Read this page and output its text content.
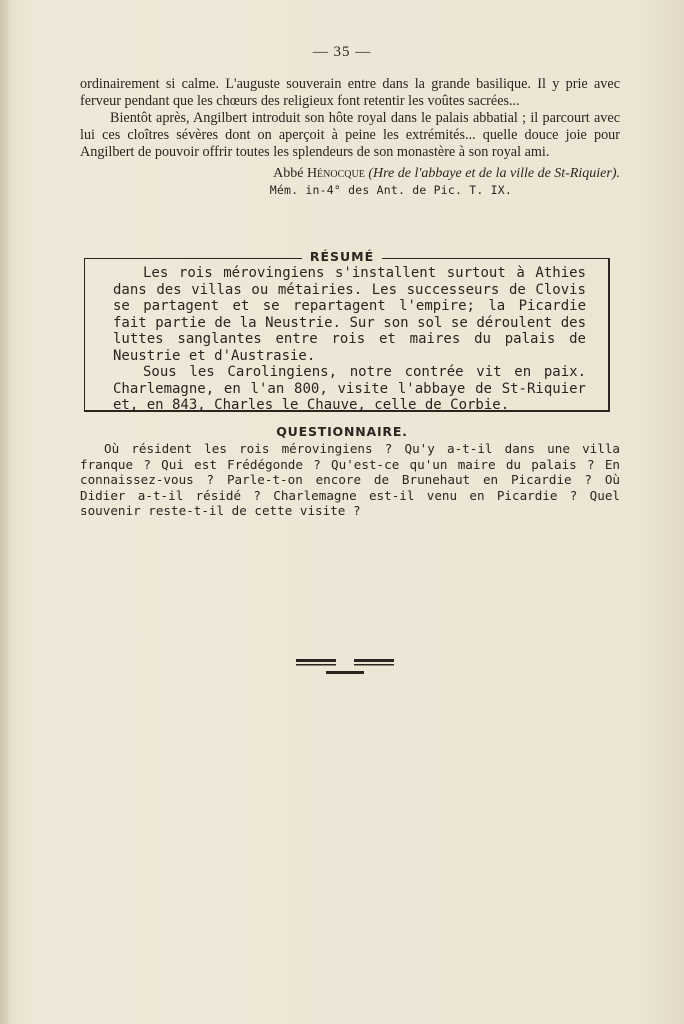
— 35 —

ordinairement si calme. L'auguste souverain entre dans la grande basilique. Il y prie avec ferveur pendant que les chœurs des religieux font retentir les voûtes sacrées...

Bientôt après, Angilbert introduit son hôte royal dans le palais abbatial ; il parcourt avec lui ces cloîtres sévères dont on aperçoit à peine les extrémités... quelle douce joie pour Angilbert de pouvoir offrir toutes les splendeurs de son monastère à son royal ami.

Abbé Hénocque (Hre de l'abbaye et de la ville de St-Riquier).
Mém. in-4° des Ant. de Pic. T. IX.

Les rois mérovingiens s'installent surtout à Athies dans des villas ou métairies. Les successeurs de Clovis se partagent et se repartagent l'empire; la Picardie fait partie de la Neustrie. Sur son sol se déroulent des luttes sanglantes entre rois et maires du palais de Neustrie et d'Austrasie.

Sous les Carolingiens, notre contrée vit en paix. Charlemagne, en l'an 800, visite l'abbaye de St-Riquier et, en 843, Charles le Chauve, celle de Corbie.

RÉSUMÉ
QUESTIONNAIRE.
Où résident les rois mérovingiens ? Qu'y a-t-il dans une villa franque ? Qui est Frédégonde ? Qu'est-ce qu'un maire du palais ? En connaissez-vous ? Parle-t-on encore de Brunehaut en Picardie ? Où Didier a-t-il résidé ? Charlemagne est-il venu en Picardie ? Quel souvenir reste-t-il de cette visite ?
